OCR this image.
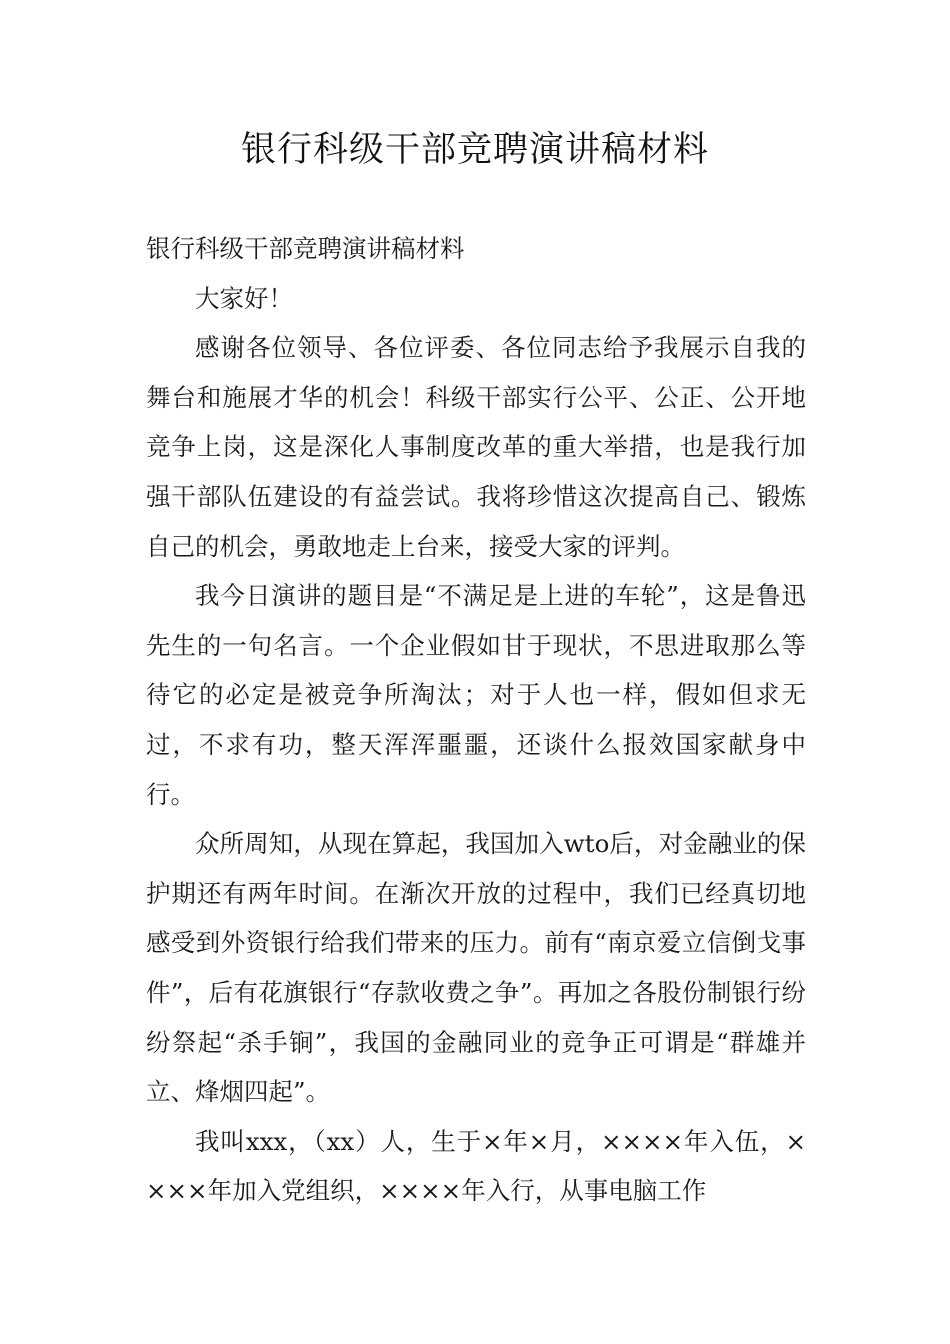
银行科级干部竞聘演讲稿材料

银行科级干部竞聘演讲稿材料

大家好！

感谢各位领导、各位评委、各位同志给予我展示自我的舞台和施展才华的机会！科级干部实行公平、公正、公开地竞争上岗，这是深化人事制度改革的重大举措，也是我行加强干部队伍建设的有益尝试。我将珍惜这次提高自己、锻炼自己的机会，勇敢地走上台来，接受大家的评判。

我今日演讲的题目是“不满足是上进的车轮”，这是鲁迅先生的一句名言。一个企业假如甘于现状，不思进取那么等待它的必定是被竞争所淘汰；对于人也一样，假如但求无过，不求有功，整天浑浑噩噩，还谈什么报效国家献身中行。

众所周知，从现在算起，我国加入wto后，对金融业的保护期还有两年时间。在渐次开放的过程中，我们已经真切地感受到外资银行给我们带来的压力。前有“南京爱立信倒戈事件”，后有花旗银行“存款收费之争”。再加之各股份制银行纷纷祭起“杀手锏”，我国的金融同业的竞争正可谓是“群雄并立、烽烟四起”。

我叫xxx，（xx）人，生于×年×月，××××年入伍，××××年加入党组织，××××年入行，从事电脑工作
